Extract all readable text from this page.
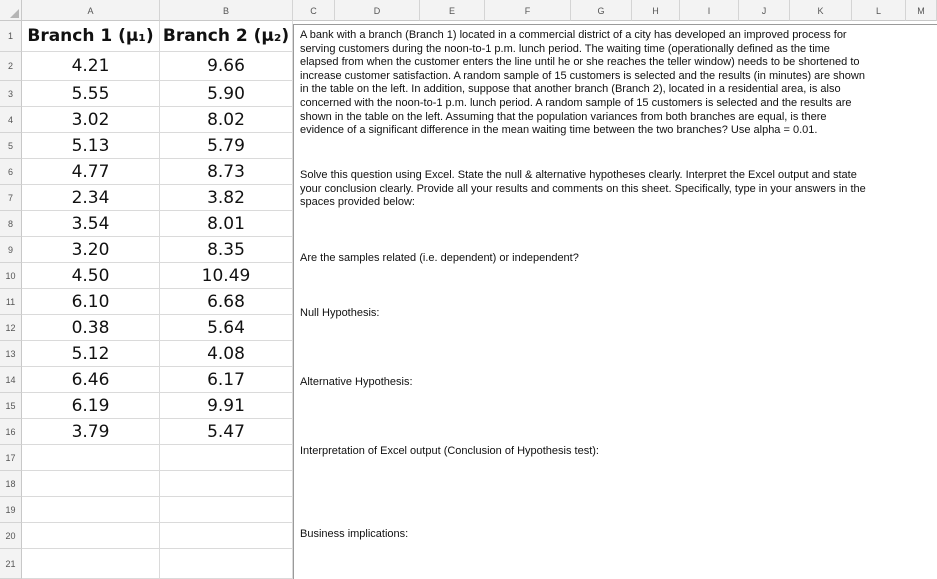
A	B	C	D	E	F	G	H	I	J	K	L	M
1
2
3
4
5
6
7
8
9
10
11
12
13
14
15
16
17
18
19
20
21
Branch 1 (μ₁) Branch 2 (μ₂)
4.21	9.66
5.55	5.90
3.02	8.02
5.13	5.79
4.77	8.73
2.34	3.82
3.54	8.01
3.20	8.35
4.50	10.49
6.10	6.68
0.38	5.64
5.12	4.08
6.46	6.17
6.19	9.91
3.79	5.47
A bank with a branch (Branch 1) located in a commercial district of a city has developed an improved process for
serving customers during the noon-to-1 p.m. lunch period. The waiting time (operationally defined as the time
elapsed from when the customer enters the line until he or she reaches the teller window) needs to be shortened to
increase customer satisfaction. A random sample of 15 customers is selected and the results (in minutes) are shown
in the table on the left. In addition, suppose that another branch (Branch 2), located in a residential area, is also
concerned with the noon-to-1 p.m. lunch period. A random sample of 15 customers is selected and the results are
shown in the table on the left. Assuming that the population variances from both branches are equal, is there
evidence of a significant difference in the mean waiting time between the two branches? Use alpha = 0.01.
Solve this question using Excel. State the null & alternative hypotheses clearly. Interpret the Excel output and state
your conclusion clearly. Provide all your results and comments on this sheet. Specifically, type in your answers in the
spaces provided below:
Are the samples related (i.e. dependent) or independent?
Null Hypothesis:
Alternative Hypothesis:
Interpretation of Excel output (Conclusion of Hypothesis test):
Business implications:
